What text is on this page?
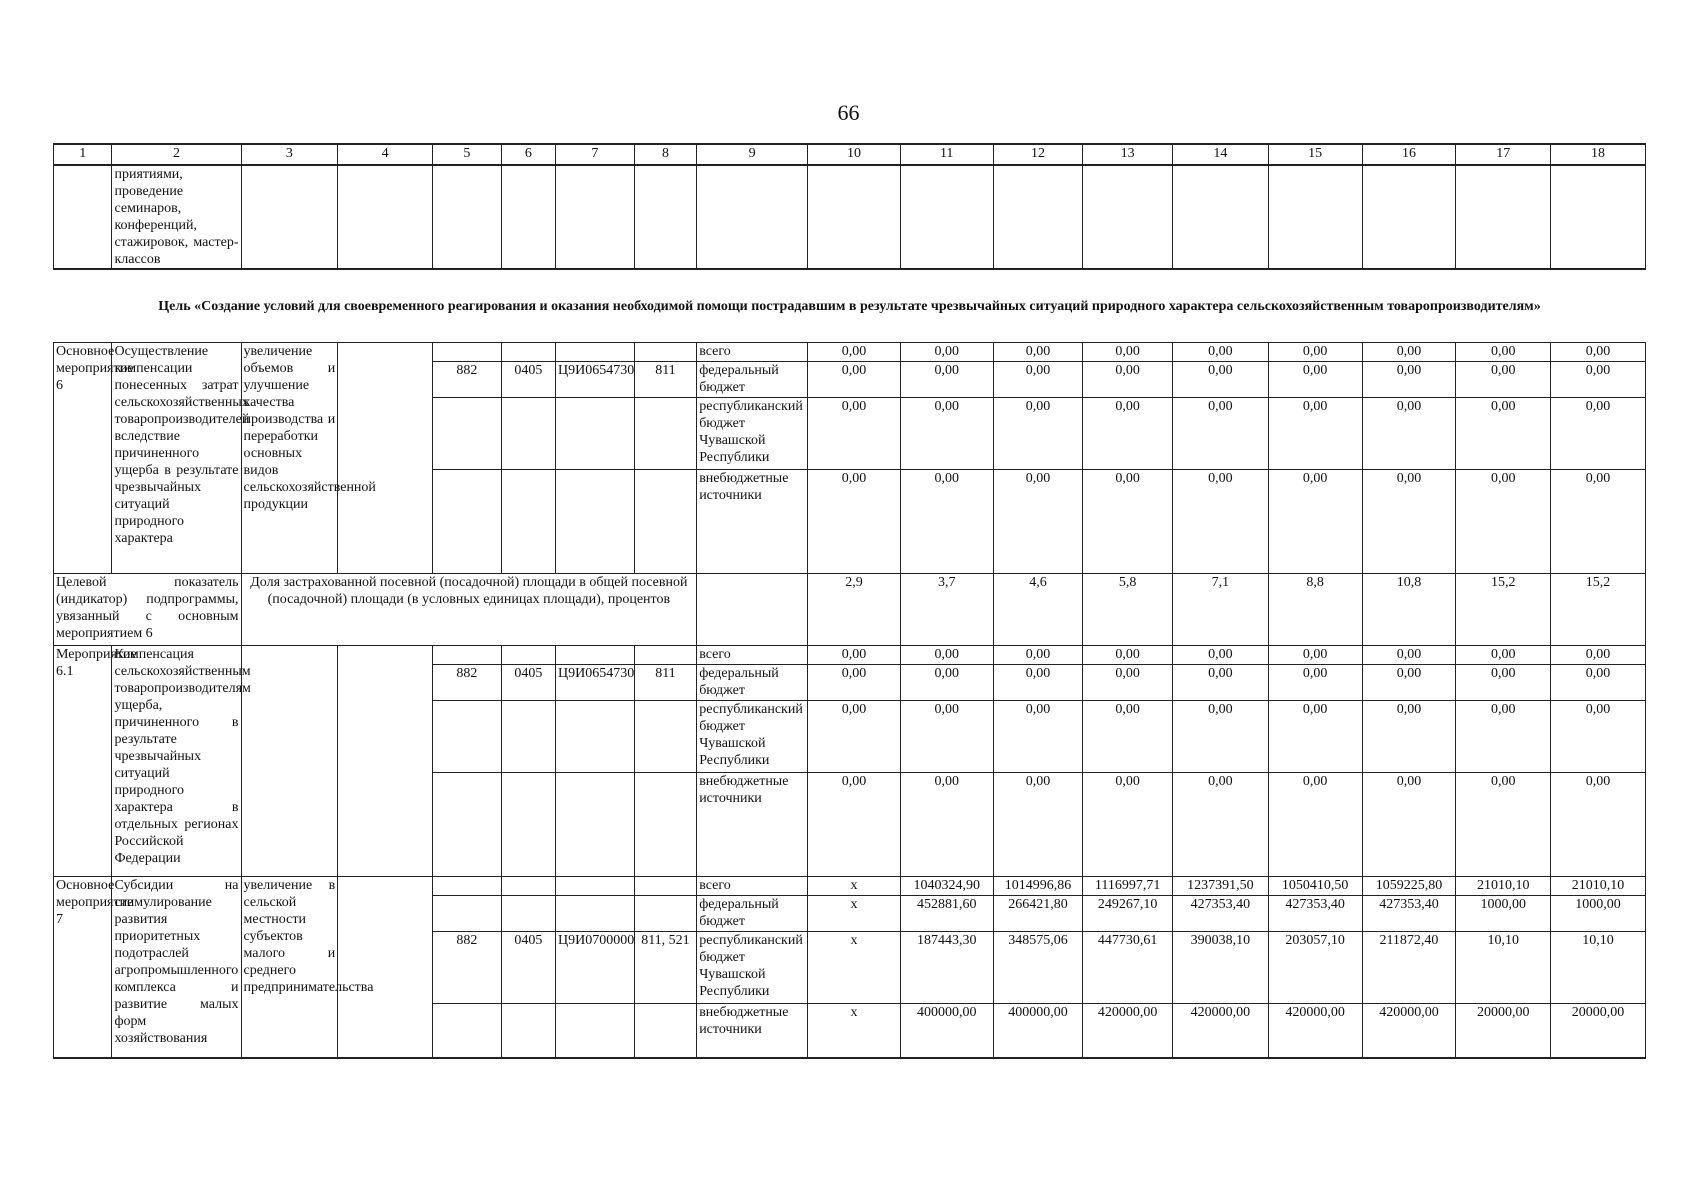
66
1	2	3	4	5	6	7	8	9	10	11	12	13	14	15	16	17	18
	приятиями, проведение семинаров, конференций, стажировок, мастер-классов																
Цель «Создание условий для своевременного реагирования и оказания необходимой помощи пострадавшим в результате чрезвычайных ситуаций природного характера сельскохозяйственным товаропроизводителям»																	
Основное мероприятие 6	Осуществление компенсации понесенных затрат сельскохозяйственных товаропроизводителей вследствие причиненного ущерба в результате чрезвычайных ситуаций природного характера	увеличение объемов и улучшение качества производства и переработки основных видов сельскохозяйственной продукции						всего	0,00	0,00	0,00	0,00	0,00	0,00	0,00	0,00	0,00
				882	0405	Ц9И0654730	811	федеральный бюджет	0,00	0,00	0,00	0,00	0,00	0,00	0,00	0,00	0,00
								республиканский бюджет Чувашской Республики	0,00	0,00	0,00	0,00	0,00	0,00	0,00	0,00	0,00
								внебюджетные источники	0,00	0,00	0,00	0,00	0,00	0,00	0,00	0,00	0,00
Целевой показатель (индикатор) подпрограммы, увязанный с основным мероприятием 6		Доля застрахованной посевной (посадочной) площади в общей посевной (посадочной) площади (в условных единицах площади), процентов							2,9	3,7	4,6	5,8	7,1	8,8	10,8	15,2	15,2
Мероприятие 6.1	Компенсация сельскохозяйственным товаропроизводителям ущерба, причиненного в результате чрезвычайных ситуаций природного характера в отдельных регионах Российской Федерации							всего	0,00	0,00	0,00	0,00	0,00	0,00	0,00	0,00	0,00
				882	0405	Ц9И0654730	811	федеральный бюджет	0,00	0,00	0,00	0,00	0,00	0,00	0,00	0,00	0,00
								республиканский бюджет Чувашской Республики	0,00	0,00	0,00	0,00	0,00	0,00	0,00	0,00	0,00
								внебюджетные источники	0,00	0,00	0,00	0,00	0,00	0,00	0,00	0,00	0,00
Основное мероприятие 7	Субсидии на стимулирование развития приоритетных подотраслей агропромышленного комплекса и развитие малых форм хозяйствования	увеличение в сельской местности субъектов малого и среднего предпринимательства						всего	х	1040324,90	1014996,86	1116997,71	1237391,50	1050410,50	1059225,80	21010,10	21010,10
								федеральный бюджет	х	452881,60	266421,80	249267,10	427353,40	427353,40	427353,40	1000,00	1000,00
				882	0405	Ц9И0700000	811, 521	республиканский бюджет Чувашской Республики	х	187443,30	348575,06	447730,61	390038,10	203057,10	211872,40	10,10	10,10
								внебюджетные источники	х	400000,00	400000,00	420000,00	420000,00	420000,00	420000,00	20000,00	20000,00
